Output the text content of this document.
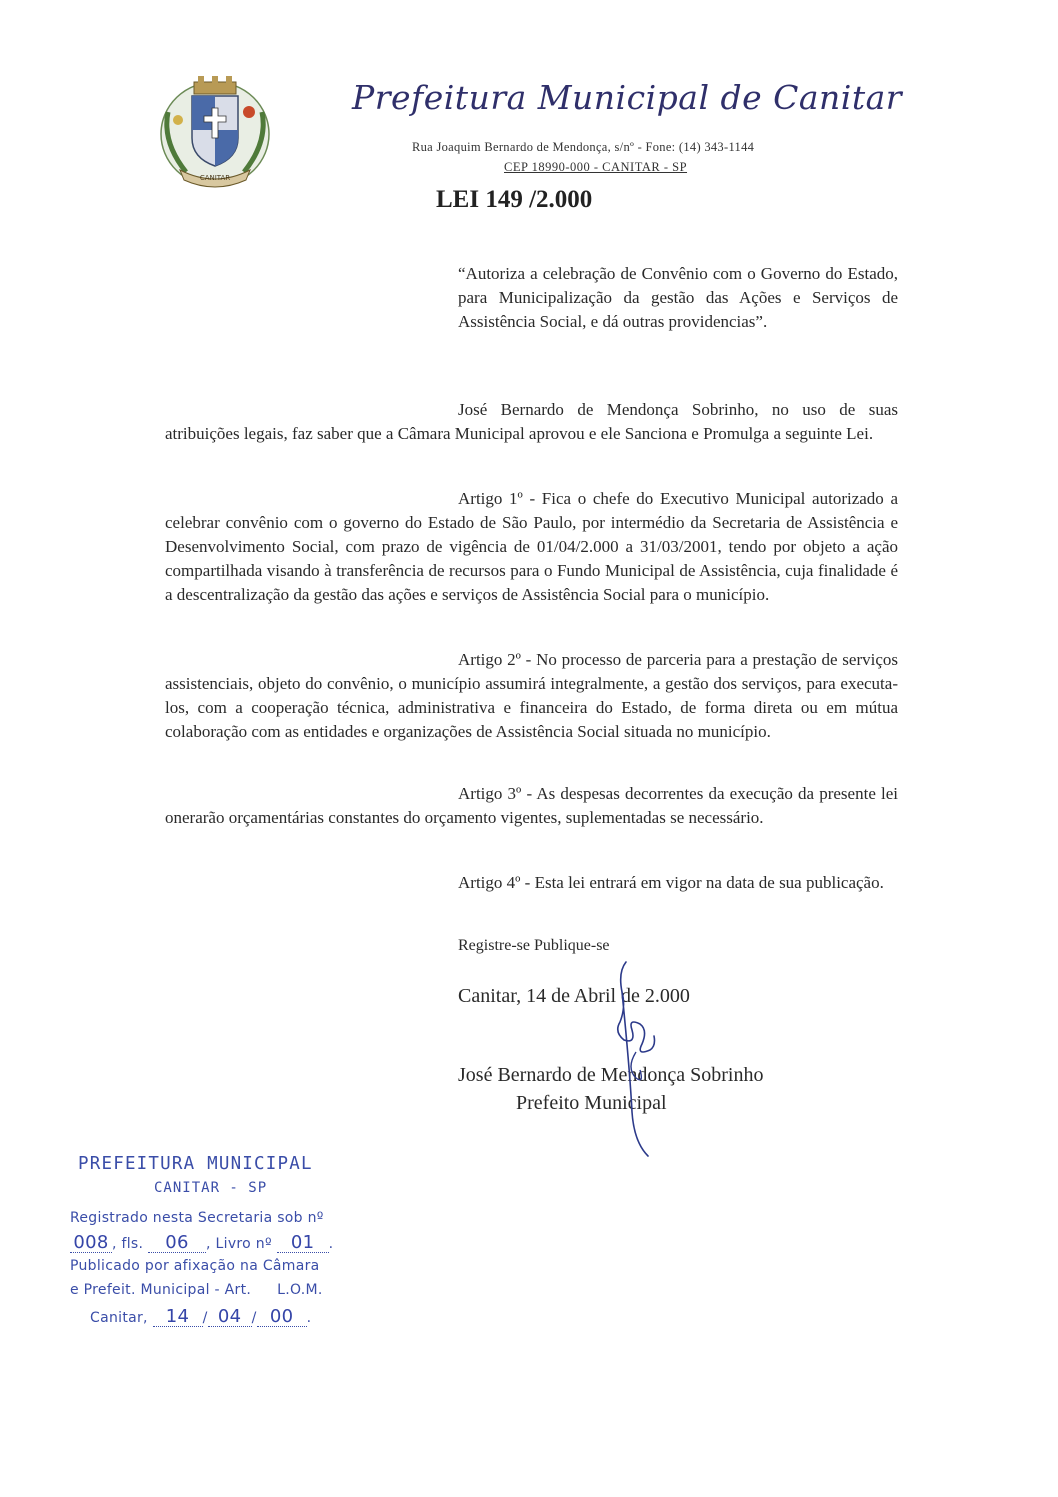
CANITAR
Prefeitura Municipal de Canitar
Rua Joaquim Bernardo de Mendonça, s/nº - Fone: (14) 343-1144
CEP 18990-000 - CANITAR - SP
LEI 149 /2.000
“Autoriza a celebração de Convênio com o Governo do Estado, para Municipalização da gestão das Ações e Serviços de Assistência Social, e dá outras providencias”.
José Bernardo de Mendonça Sobrinho, no uso de suas atribuições legais, faz saber que a Câmara Municipal aprovou e ele Sanciona e Promulga a seguinte Lei.
Artigo 1º - Fica o chefe do Executivo Municipal autorizado a celebrar convênio com o governo do Estado de São Paulo, por intermédio da Secretaria de Assistência e Desenvolvimento Social, com prazo de vigência de 01/04/2.000 a 31/03/2001, tendo por objeto a ação compartilhada visando à transferência de recursos para o Fundo Municipal de Assistência, cuja finalidade é a descentralização da gestão das ações e serviços de Assistência Social para o município.
Artigo 2º - No processo de parceria para a prestação de serviços assistenciais, objeto do convênio, o município assumirá integralmente, a gestão dos serviços, para executa-los, com a cooperação técnica, administrativa e financeira do Estado, de forma direta ou em mútua colaboração com as entidades e organizações de Assistência Social situada no município.
Artigo 3º - As despesas decorrentes da execução da presente lei onerarão orçamentárias constantes do orçamento vigentes, suplementadas se necessário.
Artigo 4º - Esta lei entrará em vigor na data de sua publicação.
Registre-se Publique-se
Canitar, 14 de Abril de 2.000
José Bernardo de Mendonça Sobrinho
Prefeito Municipal
PREFEITURA MUNICIPAL
CANITAR - SP
Registrado nesta Secretaria sob nº
008 , fls. 06 , Livro nº 01 .
Publicado por afixação na Câmara
e Prefeit. Municipal - Art. L.O.M.
Canitar, 14 / 04 / 00 .
